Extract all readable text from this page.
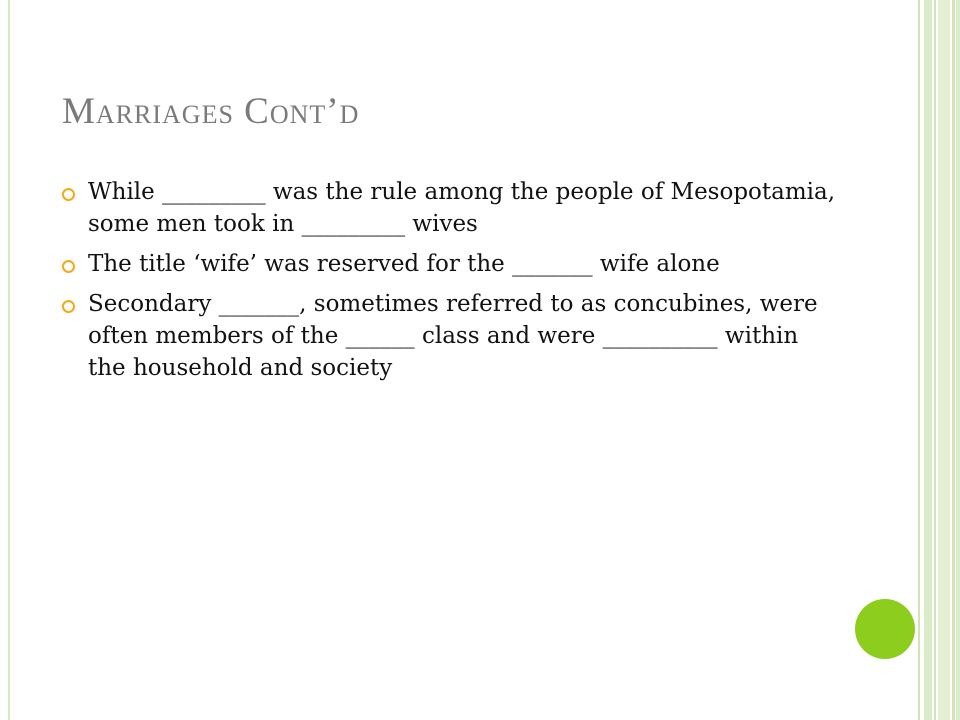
Marriages Cont’d
While _________ was the rule among the people of Mesopotamia, some men took in _________ wives
The title ‘wife’ was reserved for the _______ wife alone
Secondary _______, sometimes referred to as concubines, were often members of the ______ class and were __________ within the household and society
